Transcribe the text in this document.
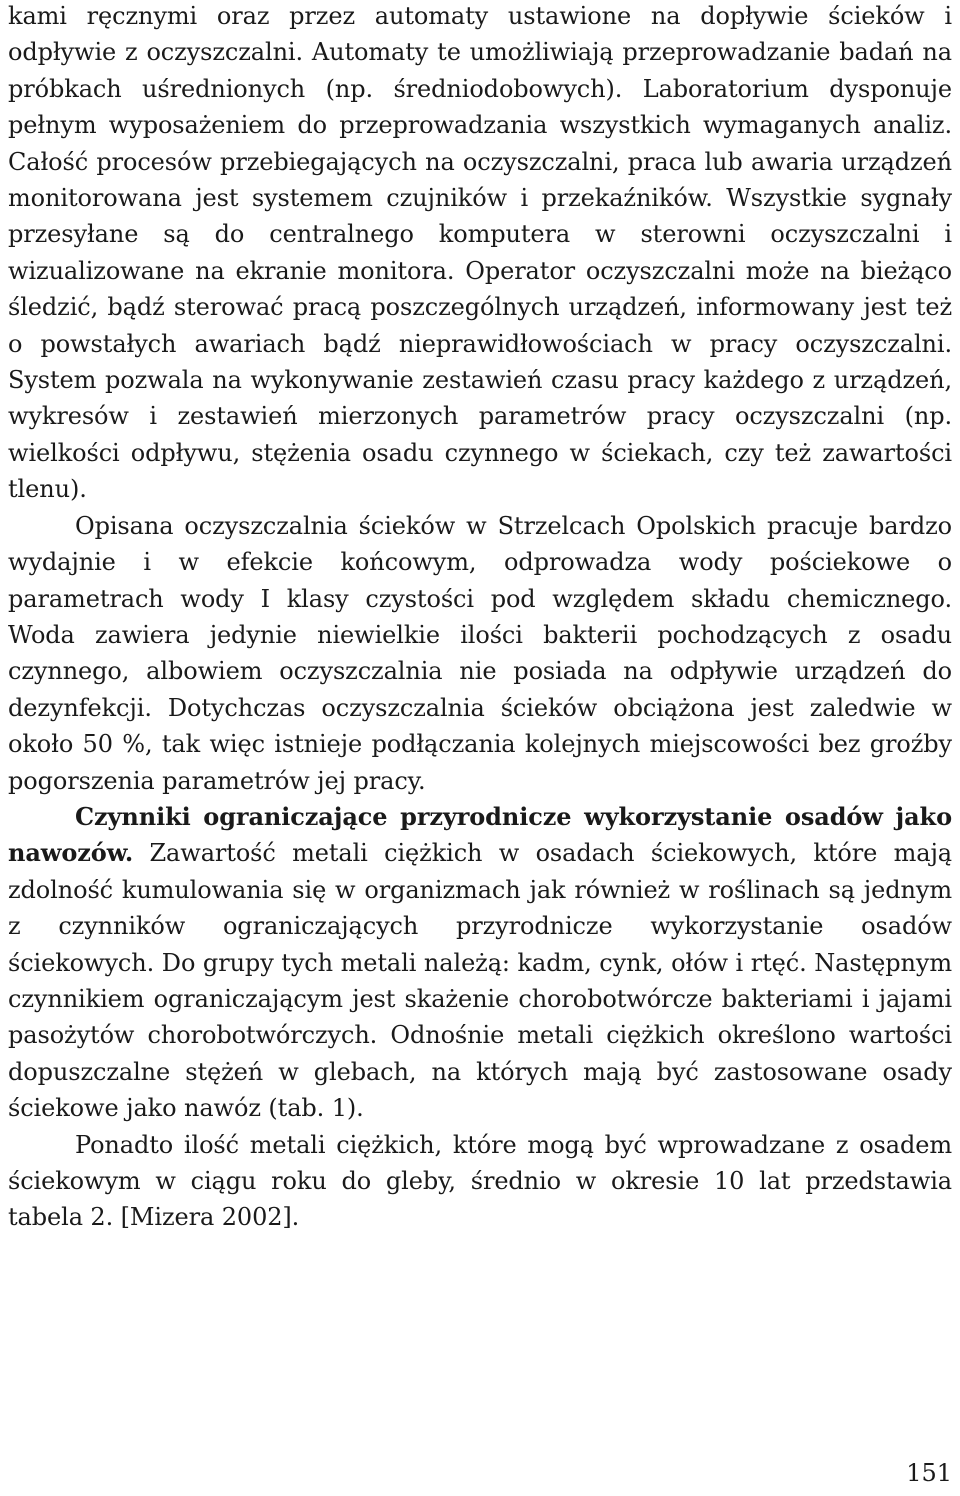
kami ręcznymi oraz przez automaty ustawione na dopływie ścieków i odpływie z oczyszczalni. Automaty te umożliwiają przeprowadzanie badań na próbkach uśrednionych (np. średniodobowych). Laboratorium dysponuje pełnym wyposażeniem do przeprowadzania wszystkich wymaganych analiz. Całość procesów przebiegających na oczyszczalni, praca lub awaria urządzeń monitorowana jest systemem czujników i przekaźników. Wszystkie sygnały przesyłane są do centralnego komputera w sterowni oczyszczalni i wizualizowane na ekranie monitora. Operator oczyszczalni może na bieżąco śledzić, bądź sterować pracą poszczególnych urządzeń, informowany jest też o powstałych awariach bądź nieprawidłowościach w pracy oczyszczalni. System pozwala na wykonywanie zestawień czasu pracy każdego z urządzeń, wykresów i zestawień mierzonych parametrów pracy oczyszczalni (np. wielkości odpływu, stężenia osadu czynnego w ściekach, czy też zawartości tlenu).

Opisana oczyszczalnia ścieków w Strzelcach Opolskich pracuje bardzo wydajnie i w efekcie końcowym, odprowadza wody pościekowe o parametrach wody I klasy czystości pod względem składu chemicznego. Woda zawiera jedynie niewielkie ilości bakterii pochodzących z osadu czynnego, albowiem oczyszczalnia nie posiada na odpływie urządzeń do dezynfekcji. Dotychczas oczyszczalnia ścieków obciążona jest zaledwie w około 50 %, tak więc istnieje podłączania kolejnych miejscowości bez groźby pogorszenia parametrów jej pracy.

Czynniki ograniczające przyrodnicze wykorzystanie osadów jako nawozów. Zawartość metali ciężkich w osadach ściekowych, które mają zdolność kumulowania się w organizmach jak również w roślinach są jednym z czynników ograniczających przyrodnicze wykorzystanie osadów ściekowych. Do grupy tych metali należą: kadm, cynk, ołów i rtęć. Następnym czynnikiem ograniczającym jest skażenie chorobotwórcze bakteriami i jajami pasożytów chorobotwórczych. Odnośnie metali ciężkich określono wartości dopuszczalne stężeń w glebach, na których mają być zastosowane osady ściekowe jako nawóz (tab. 1).

Ponadto ilość metali ciężkich, które mogą być wprowadzane z osadem ściekowym w ciągu roku do gleby, średnio w okresie 10 lat przedstawia tabela 2. [Mizera 2002].

151
